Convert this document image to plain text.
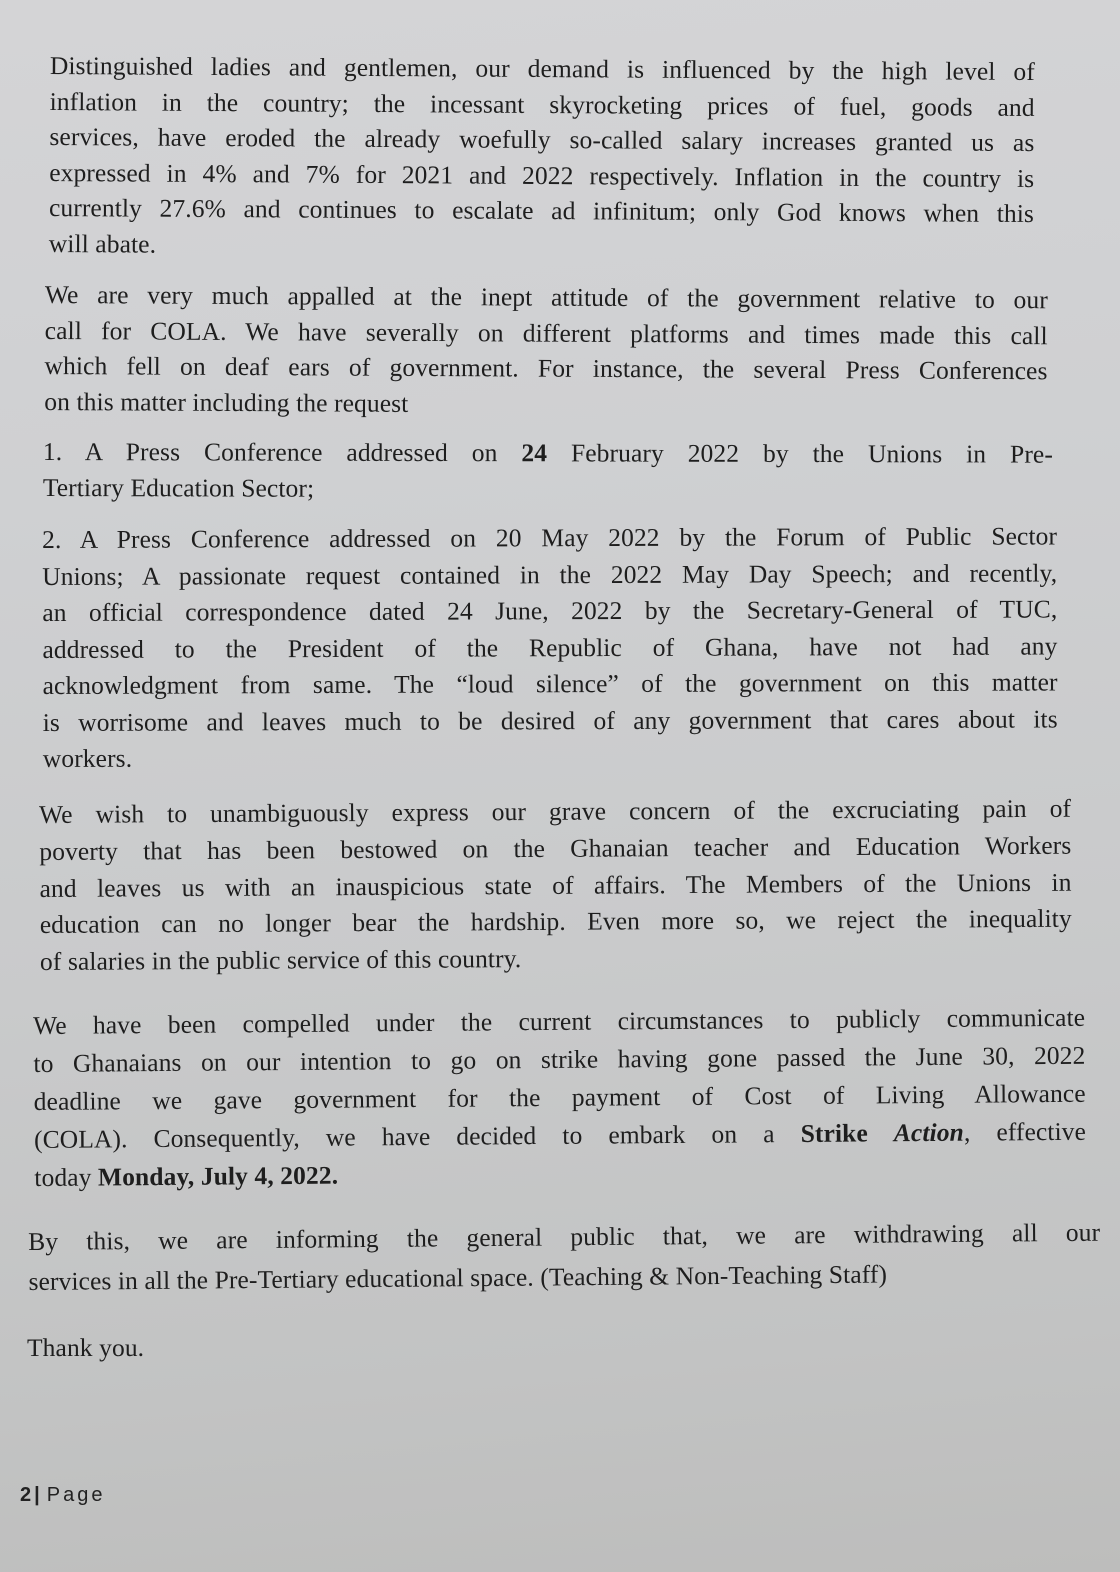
Distinguished ladies and gentlemen, our demand is influenced by the high level of
inflation in the country; the incessant skyrocketing prices of fuel, goods and
services, have eroded the already woefully so-called salary increases granted us as
expressed in 4% and 7% for 2021 and 2022 respectively. Inflation in the country is
currently 27.6% and continues to escalate ad infinitum; only God knows when this
will abate.
We are very much appalled at the inept attitude of the government relative to our
call for COLA. We have severally on different platforms and times made this call
which fell on deaf ears of government. For instance, the several Press Conferences
on this matter including the request
1. A Press Conference addressed on 24 February 2022 by the Unions in Pre-
Tertiary Education Sector;
2. A Press Conference addressed on 20 May 2022 by the Forum of Public Sector
Unions; A passionate request contained in the 2022 May Day Speech; and recently,
an official correspondence dated 24 June, 2022 by the Secretary-General of TUC,
addressed to the President of the Republic of Ghana, have not had any
acknowledgment from same. The “loud silence” of the government on this matter
is worrisome and leaves much to be desired of any government that cares about its
workers.
We wish to unambiguously express our grave concern of the excruciating pain of
poverty that has been bestowed on the Ghanaian teacher and Education Workers
and leaves us with an inauspicious state of affairs. The Members of the Unions in
education can no longer bear the hardship. Even more so, we reject the inequality
of salaries in the public service of this country.
We have been compelled under the current circumstances to publicly communicate
to Ghanaians on our intention to go on strike having gone passed the June 30, 2022
deadline we gave government for the payment of Cost of Living Allowance
(COLA). Consequently, we have decided to embark on a Strike Action, effective
today Monday, July 4, 2022.
By this, we are informing the general public that, we are withdrawing all our
services in all the Pre-Tertiary educational space. (Teaching & Non-Teaching Staff)
Thank you.
2 | Page
